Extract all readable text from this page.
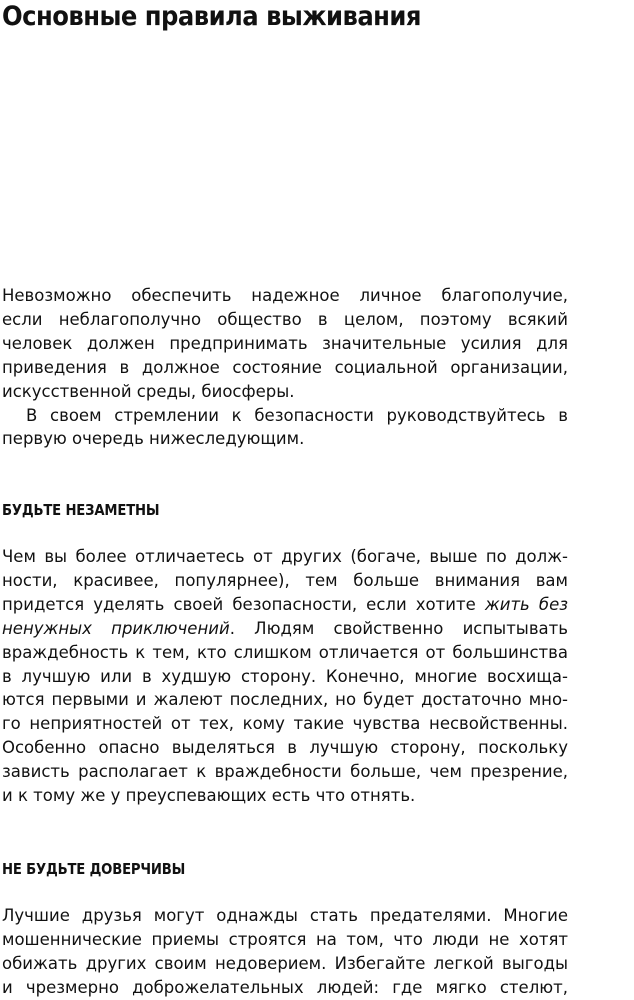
Основные правила выживания

Невозможно обеспечить надежное личное благополучие,
если неблагополучно общество в целом, поэтому всякий
человек должен предпринимать значительные усилия для
приведения в должное состояние социальной организации,
искусственной среды, биосферы.

В своем стремлении к безопасности руководствуйтесь в
первую очередь нижеследующим.

БУДЬТЕ НЕЗАМЕТНЫ

Чем вы более отличаетесь от других (богаче, выше по долж-
ности, красивее, популярнее), тем больше внимания вам
придется уделять своей безопасности, если хотите жить без
ненужных приключений. Людям свойственно испытывать
враждебность к тем, кто слишком отличается от большинства
в лучшую или в худшую сторону. Конечно, многие восхища-
ются первыми и жалеют последних, но будет достаточно мно-
го неприятностей от тех, кому такие чувства несвойственны.
Особенно опасно выделяться в лучшую сторону, поскольку
зависть располагает к враждебности больше, чем презрение,
и к тому же у преуспевающих есть что отнять.

НЕ БУДЬТЕ ДОВЕРЧИВЫ

Лучшие друзья могут однажды стать предателями. Многие
мошеннические приемы строятся на том, что люди не хотят
обижать других своим недоверием. Избегайте легкой выгоды
и чрезмерно доброжелательных людей: где мягко стелют,
